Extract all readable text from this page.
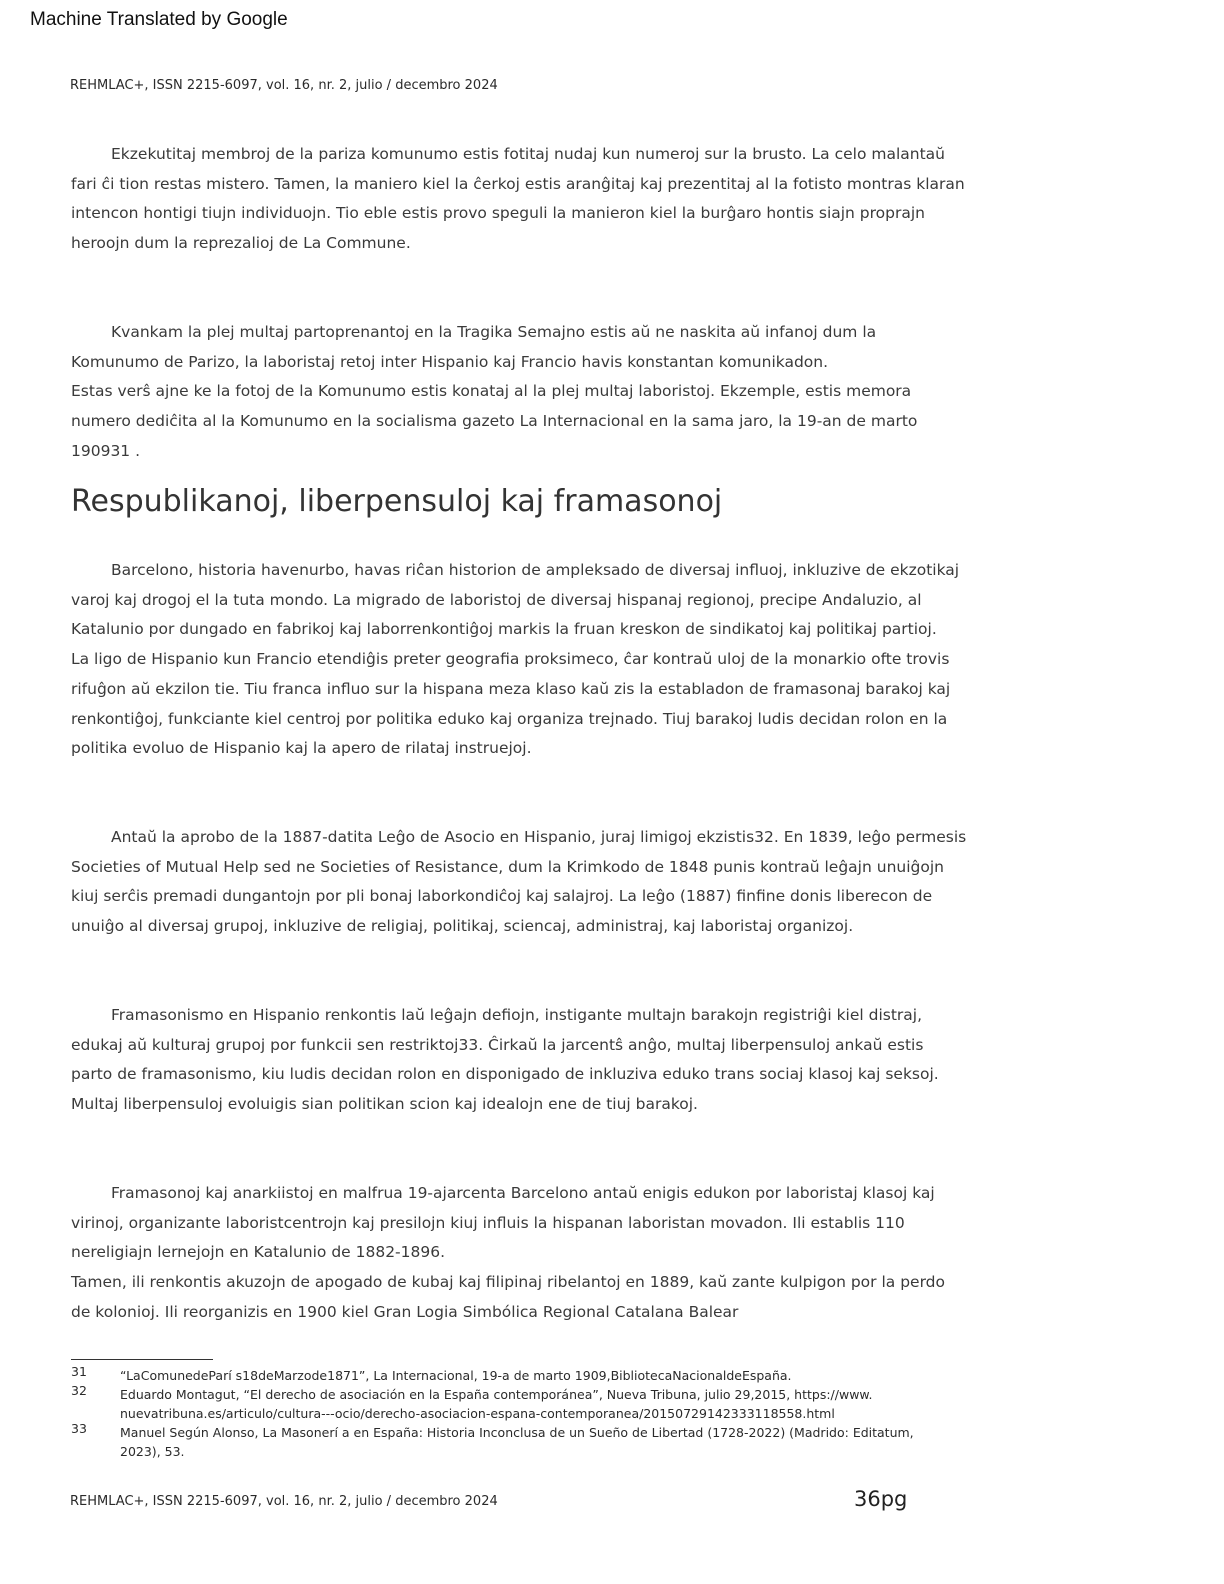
Machine Translated by Google
REHMLAC+, ISSN 2215-6097, vol. 16, nr. 2, julio / decembro 2024
Ekzekutitaj membroj de la pariza komunumo estis fotitaj nudaj kun numeroj sur la brusto. La celo malantaŭ
fari ĉi tion restas mistero. Tamen, la maniero kiel la ĉerkoj estis aranĝitaj kaj prezentitaj al la fotisto montras klaran
intencon hontigi tiujn individuojn. Tio eble estis provo speguli la manieron kiel la burĝaro hontis siajn proprajn
heroojn dum la reprezalioj de La Commune.
Kvankam la plej multaj partoprenantoj en la Tragika Semajno estis aŭ ne naskita aŭ infanoj dum la
Komunumo de Parizo, la laboristaj retoj inter Hispanio kaj Francio havis konstantan komunikadon.
Estas verŝ ajne ke la fotoj de la Komunumo estis konataj al la plej multaj laboristoj. Ekzemple, estis memora
numero dediĉita al la Komunumo en la socialisma gazeto La Internacional en la sama jaro, la 19-an de marto
190931 .
Respublikanoj, liberpensuloj kaj framasonoj
Barcelono, historia havenurbo, havas riĉan historion de ampleksado de diversaj influoj, inkluzive de ekzotikaj
varoj kaj drogoj el la tuta mondo. La migrado de laboristoj de diversaj hispanaj regionoj, precipe Andaluzio, al
Katalunio por dungado en fabrikoj kaj laborrenkontiĝoj markis la fruan kreskon de sindikatoj kaj politikaj partioj.
La ligo de Hispanio kun Francio etendiĝis preter geografia proksimeco, ĉar kontraŭ uloj de la monarkio ofte trovis
rifuĝon aŭ ekzilon tie. Tiu franca influo sur la hispana meza klaso kaŭ zis la establadon de framasonaj barakoj kaj
renkontiĝoj, funkciante kiel centroj por politika eduko kaj organiza trejnado. Tiuj barakoj ludis decidan rolon en la
politika evoluo de Hispanio kaj la apero de rilataj instruejoj.
Antaŭ la aprobo de la 1887-datita Leĝo de Asocio en Hispanio, juraj limigoj ekzistis32. En 1839, leĝo permesis
Societies of Mutual Help sed ne Societies of Resistance, dum la Krimkodo de 1848 punis kontraŭ leĝajn unuiĝojn
kiuj serĉis premadi dungantojn por pli bonaj laborkondiĉoj kaj salajroj. La leĝo (1887) finfine donis liberecon de
unuiĝo al diversaj grupoj, inkluzive de religiaj, politikaj, sciencaj, administraj, kaj laboristaj organizoj.
Framasonismo en Hispanio renkontis laŭ leĝajn defiojn, instigante multajn barakojn registriĝi kiel distraj,
edukaj aŭ kulturaj grupoj por funkcii sen restriktoj33. Ĉirkaŭ la jarcentŝ anĝo, multaj liberpensuloj ankaŭ estis
parto de framasonismo, kiu ludis decidan rolon en disponigado de inkluziva eduko trans sociaj klasoj kaj seksoj.
Multaj liberpensuloj evoluigis sian politikan scion kaj idealojn ene de tiuj barakoj.
Framasonoj kaj anarkiistoj en malfrua 19-ajarcenta Barcelono antaŭ enigis edukon por laboristaj klasoj kaj
virinoj, organizante laboristcentrojn kaj presilojn kiuj influis la hispanan laboristan movadon. Ili establis 110
nereligiajn lernejojn en Katalunio de 1882-1896.
Tamen, ili renkontis akuzojn de apogado de kubaj kaj filipinaj ribelantoj en 1889, kaŭ zante kulpigon por la perdo
de kolonioj. Ili reorganizis en 1900 kiel Gran Logia Simbólica Regional Catalana Balear
31	“LaComunedeParí s18deMarzode1871”, La Internacional, 19-a de marto 1909,BibliotecaNacionaldeEspaña.
32	Eduardo Montagut, “El derecho de asociación en la España contemporánea”, Nueva Tribuna, julio 29,2015, https://www.
nuevatribuna.es/articulo/cultura---ocio/derecho-asociacion-espana-contemporanea/20150729142333118558.html
33	Manuel Según Alonso, La Masonerí a en España: Historia Inconclusa de un Sueño de Libertad (1728-2022) (Madrido: Editatum,
2023), 53.
REHMLAC+, ISSN 2215-6097, vol. 16, nr. 2, julio / decembro 2024	36pg
